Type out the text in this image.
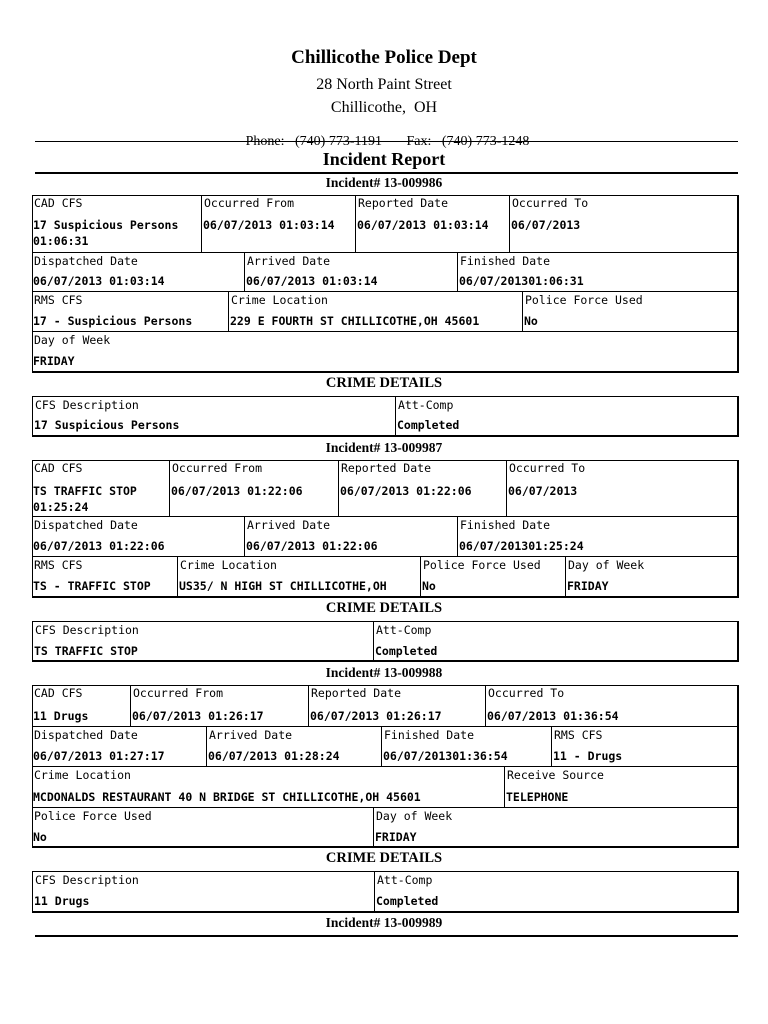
Chillicothe Police Dept
28 North Paint Street
Chillicothe,  OH

Phone: (740) 773-1191 Fax: (740) 773-1248

Incident Report
Incident# 13-009986
CAD CFS
17 Suspicious Persons
01:06:31
Occurred From
06/07/2013 01:03:14
Reported Date
06/07/2013 01:03:14
Occurred To
06/07/2013
Dispatched Date
06/07/2013 01:03:14
Arrived Date
06/07/2013 01:03:14
Finished Date
06/07/201301:06:31
RMS CFS
17 - Suspicious Persons
Crime Location
229 E FOURTH ST CHILLICOTHE,OH 45601
Police Force Used
No
Day of Week
FRIDAY
CRIME DETAILS
CFS Description
17 Suspicious Persons
Att-Comp
Completed
Incident# 13-009987
CAD CFS
TS TRAFFIC STOP
01:25:24
Occurred From
06/07/2013 01:22:06
Reported Date
06/07/2013 01:22:06
Occurred To
06/07/2013
Dispatched Date
06/07/2013 01:22:06
Arrived Date
06/07/2013 01:22:06
Finished Date
06/07/201301:25:24
RMS CFS
TS - TRAFFIC STOP
Crime Location
US35/ N HIGH ST CHILLICOTHE,OH
Police Force Used
No
Day of Week
FRIDAY
CRIME DETAILS
CFS Description
TS TRAFFIC STOP
Att-Comp
Completed
Incident# 13-009988
CAD CFS
11 Drugs
Occurred From
06/07/2013 01:26:17
Reported Date
06/07/2013 01:26:17
Occurred To
06/07/2013 01:36:54
Dispatched Date
06/07/2013 01:27:17
Arrived Date
06/07/2013 01:28:24
Finished Date
06/07/201301:36:54
RMS CFS
11 - Drugs
Crime Location
MCDONALDS RESTAURANT 40 N BRIDGE ST CHILLICOTHE,OH 45601
Receive Source
TELEPHONE
Police Force Used
No
Day of Week
FRIDAY
CRIME DETAILS
CFS Description
11 Drugs
Att-Comp
Completed
Incident# 13-009989
